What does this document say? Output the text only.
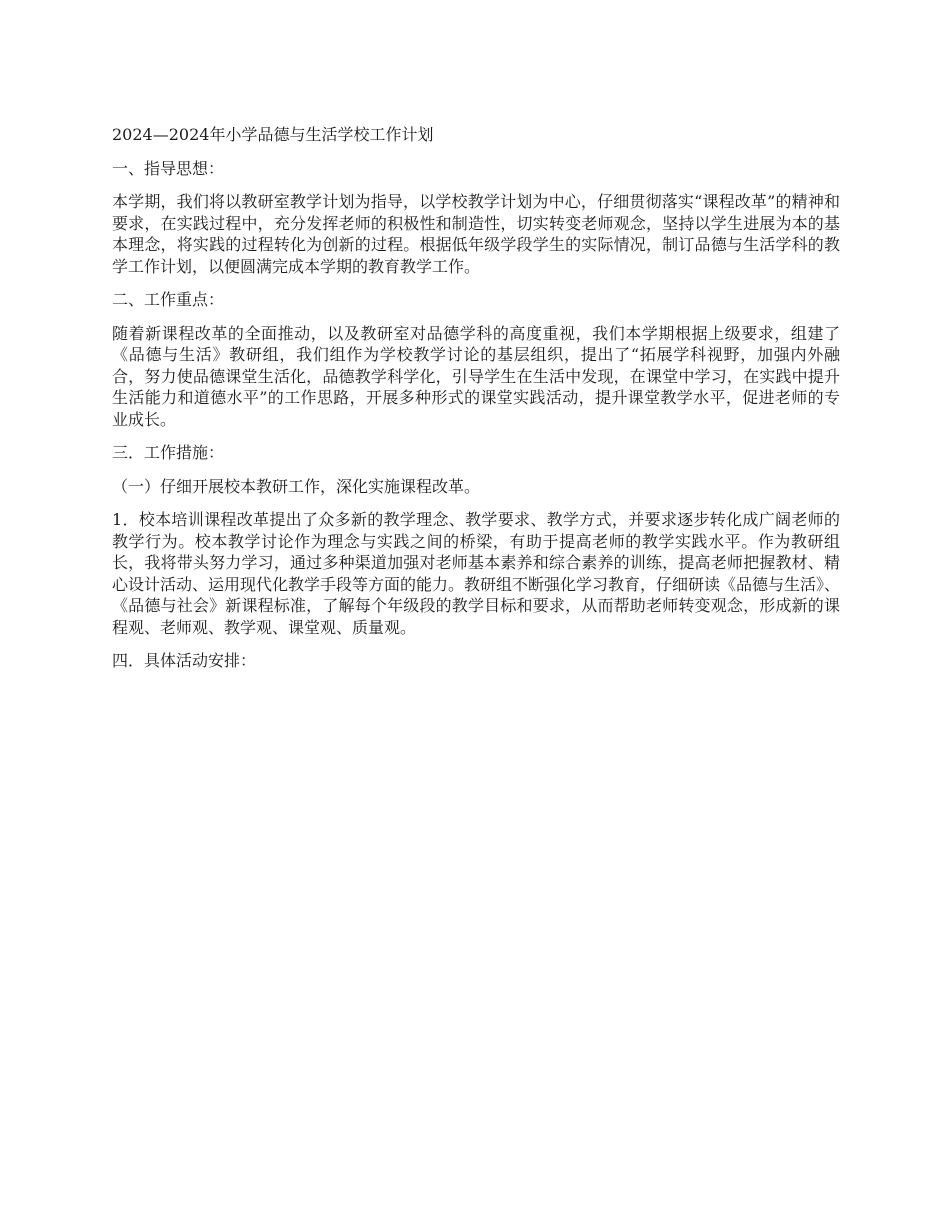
2024—2024年小学品德与生活学校工作计划

一、指导思想：

本学期，我们将以教研室教学计划为指导，以学校教学计划为中心，仔细贯彻落实“课程改革”的精神和要求，在实践过程中，充分发挥老师的积极性和制造性，切实转变老师观念，坚持以学生进展为本的基本理念，将实践的过程转化为创新的过程。根据低年级学段学生的实际情况，制订品德与生活学科的教学工作计划，以便圆满完成本学期的教育教学工作。

二、工作重点：

随着新课程改革的全面推动，以及教研室对品德学科的高度重视，我们本学期根据上级要求，组建了《品德与生活》教研组，我们组作为学校教学讨论的基层组织，提出了“拓展学科视野，加强内外融合，努力使品德课堂生活化，品德教学科学化，引导学生在生活中发现，在课堂中学习，在实践中提升生活能力和道德水平”的工作思路，开展多种形式的课堂实践活动，提升课堂教学水平，促进老师的专业成长。

三．工作措施：

（一）仔细开展校本教研工作，深化实施课程改革。

1．校本培训课程改革提出了众多新的教学理念、教学要求、教学方式，并要求逐步转化成广阔老师的教学行为。校本教学讨论作为理念与实践之间的桥梁，有助于提高老师的教学实践水平。作为教研组长，我将带头努力学习，通过多种渠道加强对老师基本素养和综合素养的训练，提高老师把握教材、精心设计活动、运用现代化教学手段等方面的能力。教研组不断强化学习教育，仔细研读《品德与生活》、《品德与社会》新课程标准，了解每个年级段的教学目标和要求，从而帮助老师转变观念，形成新的课程观、老师观、教学观、课堂观、质量观。

四．具体活动安排：
